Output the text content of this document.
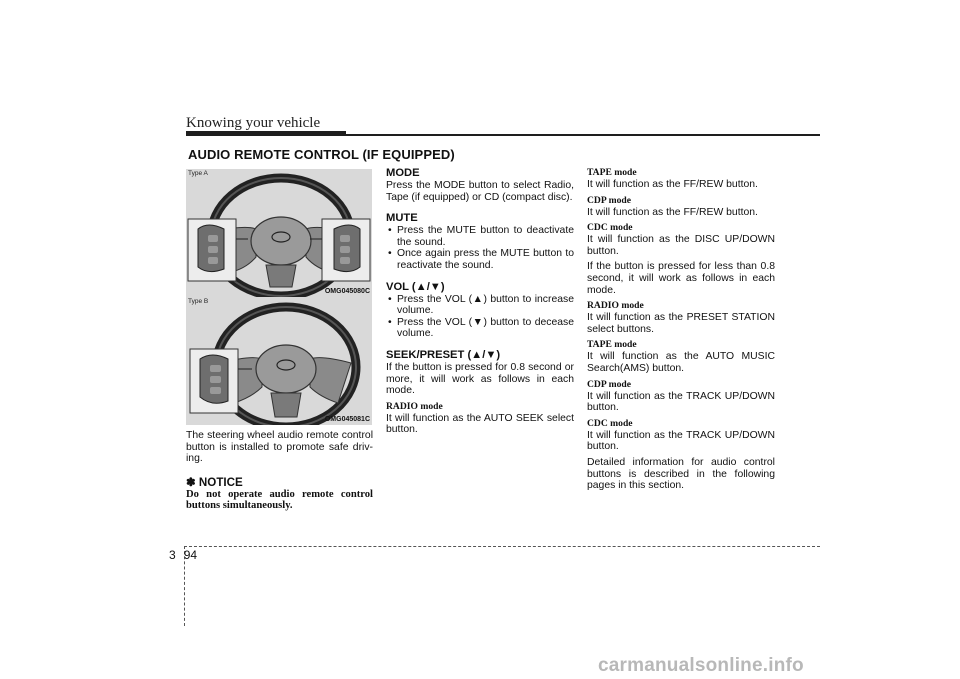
Knowing your vehicle
AUDIO REMOTE CONTROL (IF EQUIPPED)
Type A
OMG045080C
Type B
OMG045081C

The steering wheel audio remote control button is installed to promote safe driv-ing.

✽ NOTICE

Do not operate audio remote control buttons simultaneously.

MODE

Press the MODE button to select Radio, Tape (if equipped) or CD (compact disc).

MUTE
• Press the MUTE button to deactivate the sound.
• Once again press the MUTE button to reactivate the sound.
VOL (▲/▼)
• Press the VOL (▲) button to increase volume.
• Press the VOL (▼) button to decease volume.
SEEK/PRESET (▲/▼)

If the button is pressed for 0.8 second or more, it will work as follows in each mode.

RADIO mode

It will function as the AUTO SEEK select button.

TAPE mode

It will function as the FF/REW button.

CDP mode

It will function as the FF/REW button.

CDC mode

It will function as the DISC UP/DOWN button.

If the button is pressed for less than 0.8 second, it will work as follows in each mode.

RADIO mode

It will function as the PRESET STATION select buttons.

TAPE mode

It will function as the AUTO MUSIC Search(AMS) button.

CDP mode

It will function as the TRACK UP/DOWN button.

CDC mode

It will function as the TRACK UP/DOWN button.

Detailed information for audio control buttons is described in the following pages in this section.

3 94
carmanualsonline.info
